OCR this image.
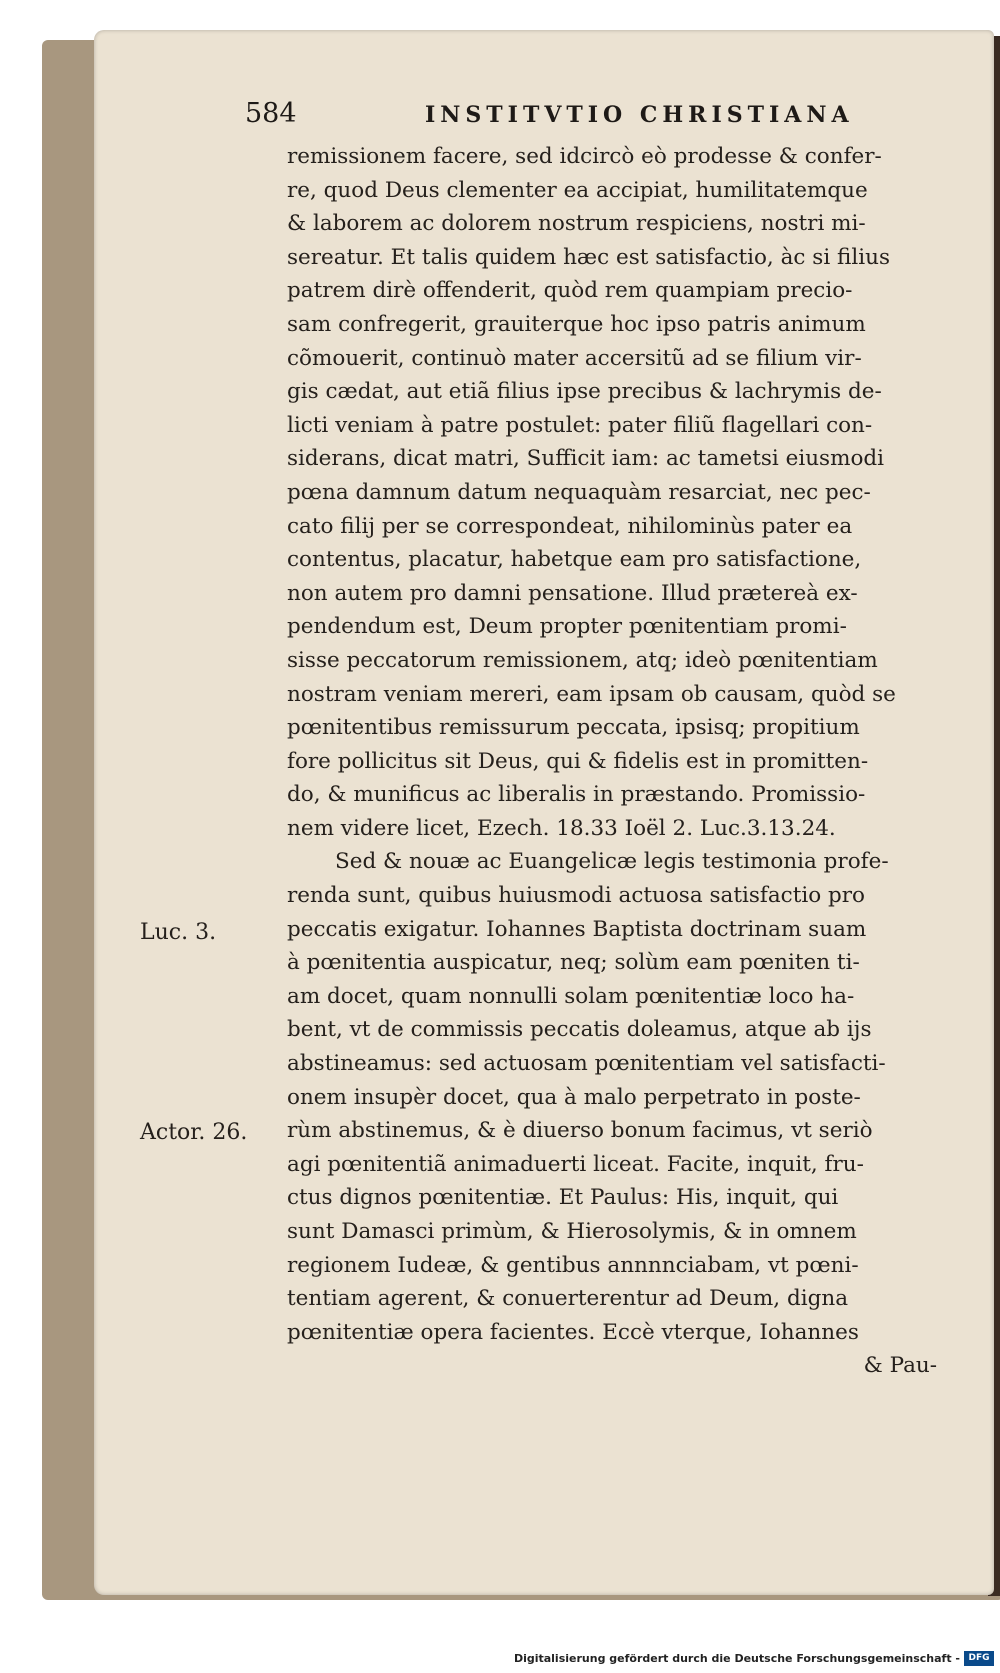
584	INSTITVTIO CHRISTIANA
remissionem facere, sed idcircò eò prodesse & confer-
re, quod Deus clementer ea accipiat, humilitatemque
& laborem ac dolorem nostrum respiciens, nostri mi-
sereatur. Et talis quidem hæc est satisfactio, àc si filius
patrem dirè offenderit, quòd rem quampiam precio-
sam confregerit, grauiterque hoc ipso patris animum
cõmouerit, continuò mater accersitũ ad se filium vir-
gis cædat, aut etiã filius ipse precibus & lachrymis de-
licti veniam à patre postulet: pater filiũ flagellari con-
siderans, dicat matri, Sufficit iam: ac tametsi eiusmodi
pœna damnum datum nequaquàm resarciat, nec pec-
cato filij per se correspondeat, nihilominùs pater ea
contentus, placatur, habetque eam pro satisfactione,
non autem pro damni pensatione. Illud prætereà ex-
pendendum est, Deum propter pœnitentiam promi-
sisse peccatorum remissionem, atq; ideò pœnitentiam
nostram veniam mereri, eam ipsam ob causam, quòd se
pœnitentibus remissurum peccata, ipsisq; propitium
fore pollicitus sit Deus, qui & fidelis est in promitten-
do, & munificus ac liberalis in præstando. Promissio-
nem videre licet, Ezech. 18.33 Ioël 2. Luc.3.13.24.
Sed & nouæ ac Euangelicæ legis testimonia profe-
renda sunt, quibus huiusmodi actuosa satisfactio pro
peccatis exigatur. Iohannes Baptista doctrinam suam
à pœnitentia auspicatur, neq; solùm eam pœniten ti-
am docet, quam nonnulli solam pœnitentiæ loco ha-
bent, vt de commissis peccatis doleamus, atque ab ijs
abstineamus: sed actuosam pœnitentiam vel satisfacti-
onem insupèr docet, qua à malo perpetrato in poste-
rùm abstinemus, & è diuerso bonum facimus, vt seriò
agi pœnitentiã animaduerti liceat. Facite, inquit, fru-
ctus dignos pœnitentiæ. Et Paulus: His, inquit, qui
sunt Damasci primùm, & Hierosolymis, & in omnem
regionem Iudeæ, & gentibus annnnciabam, vt pœni-
tentiam agerent, & conuerterentur ad Deum, digna
pœnitentiæ opera facientes. Eccè vterque, Iohannes
& Pau-
Luc. 3.
Actor. 26.
Digitalisierung gefördert durch die Deutsche Forschungsgemeinschaft - DFG
